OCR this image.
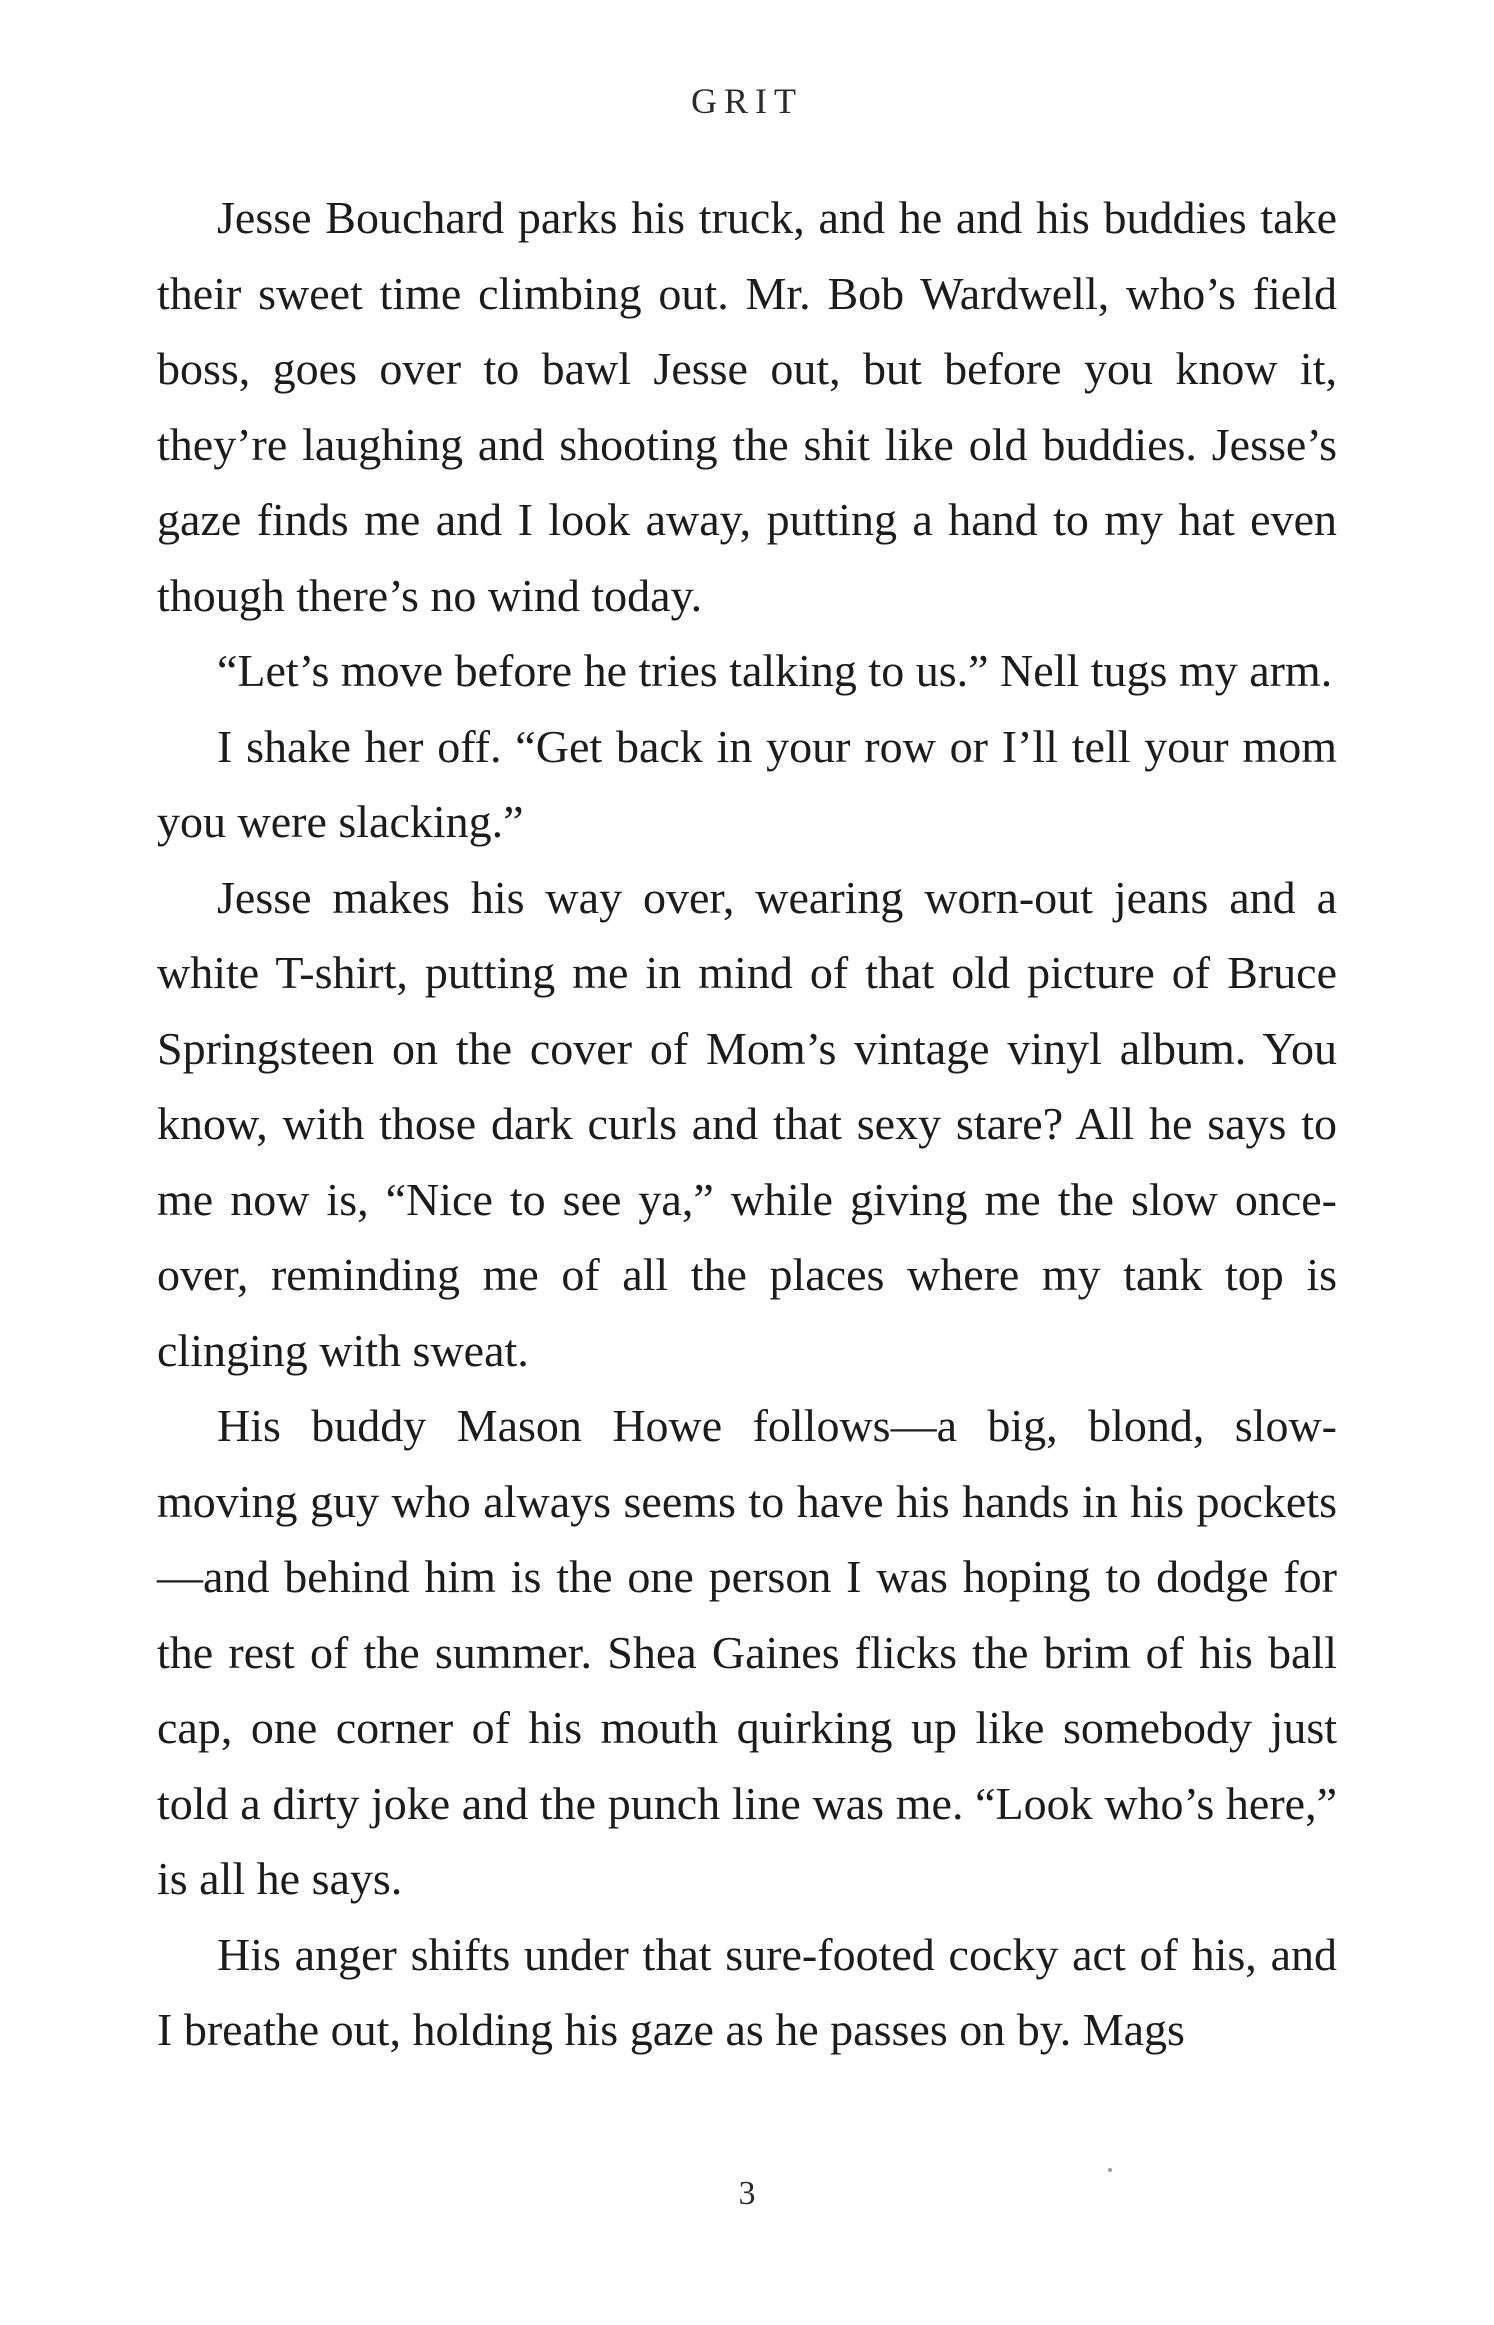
GRIT

Jesse Bouchard parks his truck, and he and his buddies take their sweet time climbing out. Mr. Bob Wardwell, who’s field boss, goes over to bawl Jesse out, but before you know it, they’re laughing and shooting the shit like old buddies. Jesse’s gaze finds me and I look away, putting a hand to my hat even though there’s no wind today.

“Let’s move before he tries talking to us.” Nell tugs my arm.

I shake her off. “Get back in your row or I’ll tell your mom you were slacking.”

Jesse makes his way over, wearing worn-out jeans and a white T-shirt, putting me in mind of that old picture of Bruce Springsteen on the cover of Mom’s vintage vinyl album. You know, with those dark curls and that sexy stare? All he says to me now is, “Nice to see ya,” while giving me the slow once-over, reminding me of all the places where my tank top is clinging with sweat.

His buddy Mason Howe follows—a big, blond, slow-moving guy who always seems to have his hands in his pockets—and behind him is the one person I was hoping to dodge for the rest of the summer. Shea Gaines flicks the brim of his ball cap, one corner of his mouth quirking up like somebody just told a dirty joke and the punch line was me. “Look who’s here,” is all he says.

His anger shifts under that sure-footed cocky act of his, and I breathe out, holding his gaze as he passes on by. Mags

3
